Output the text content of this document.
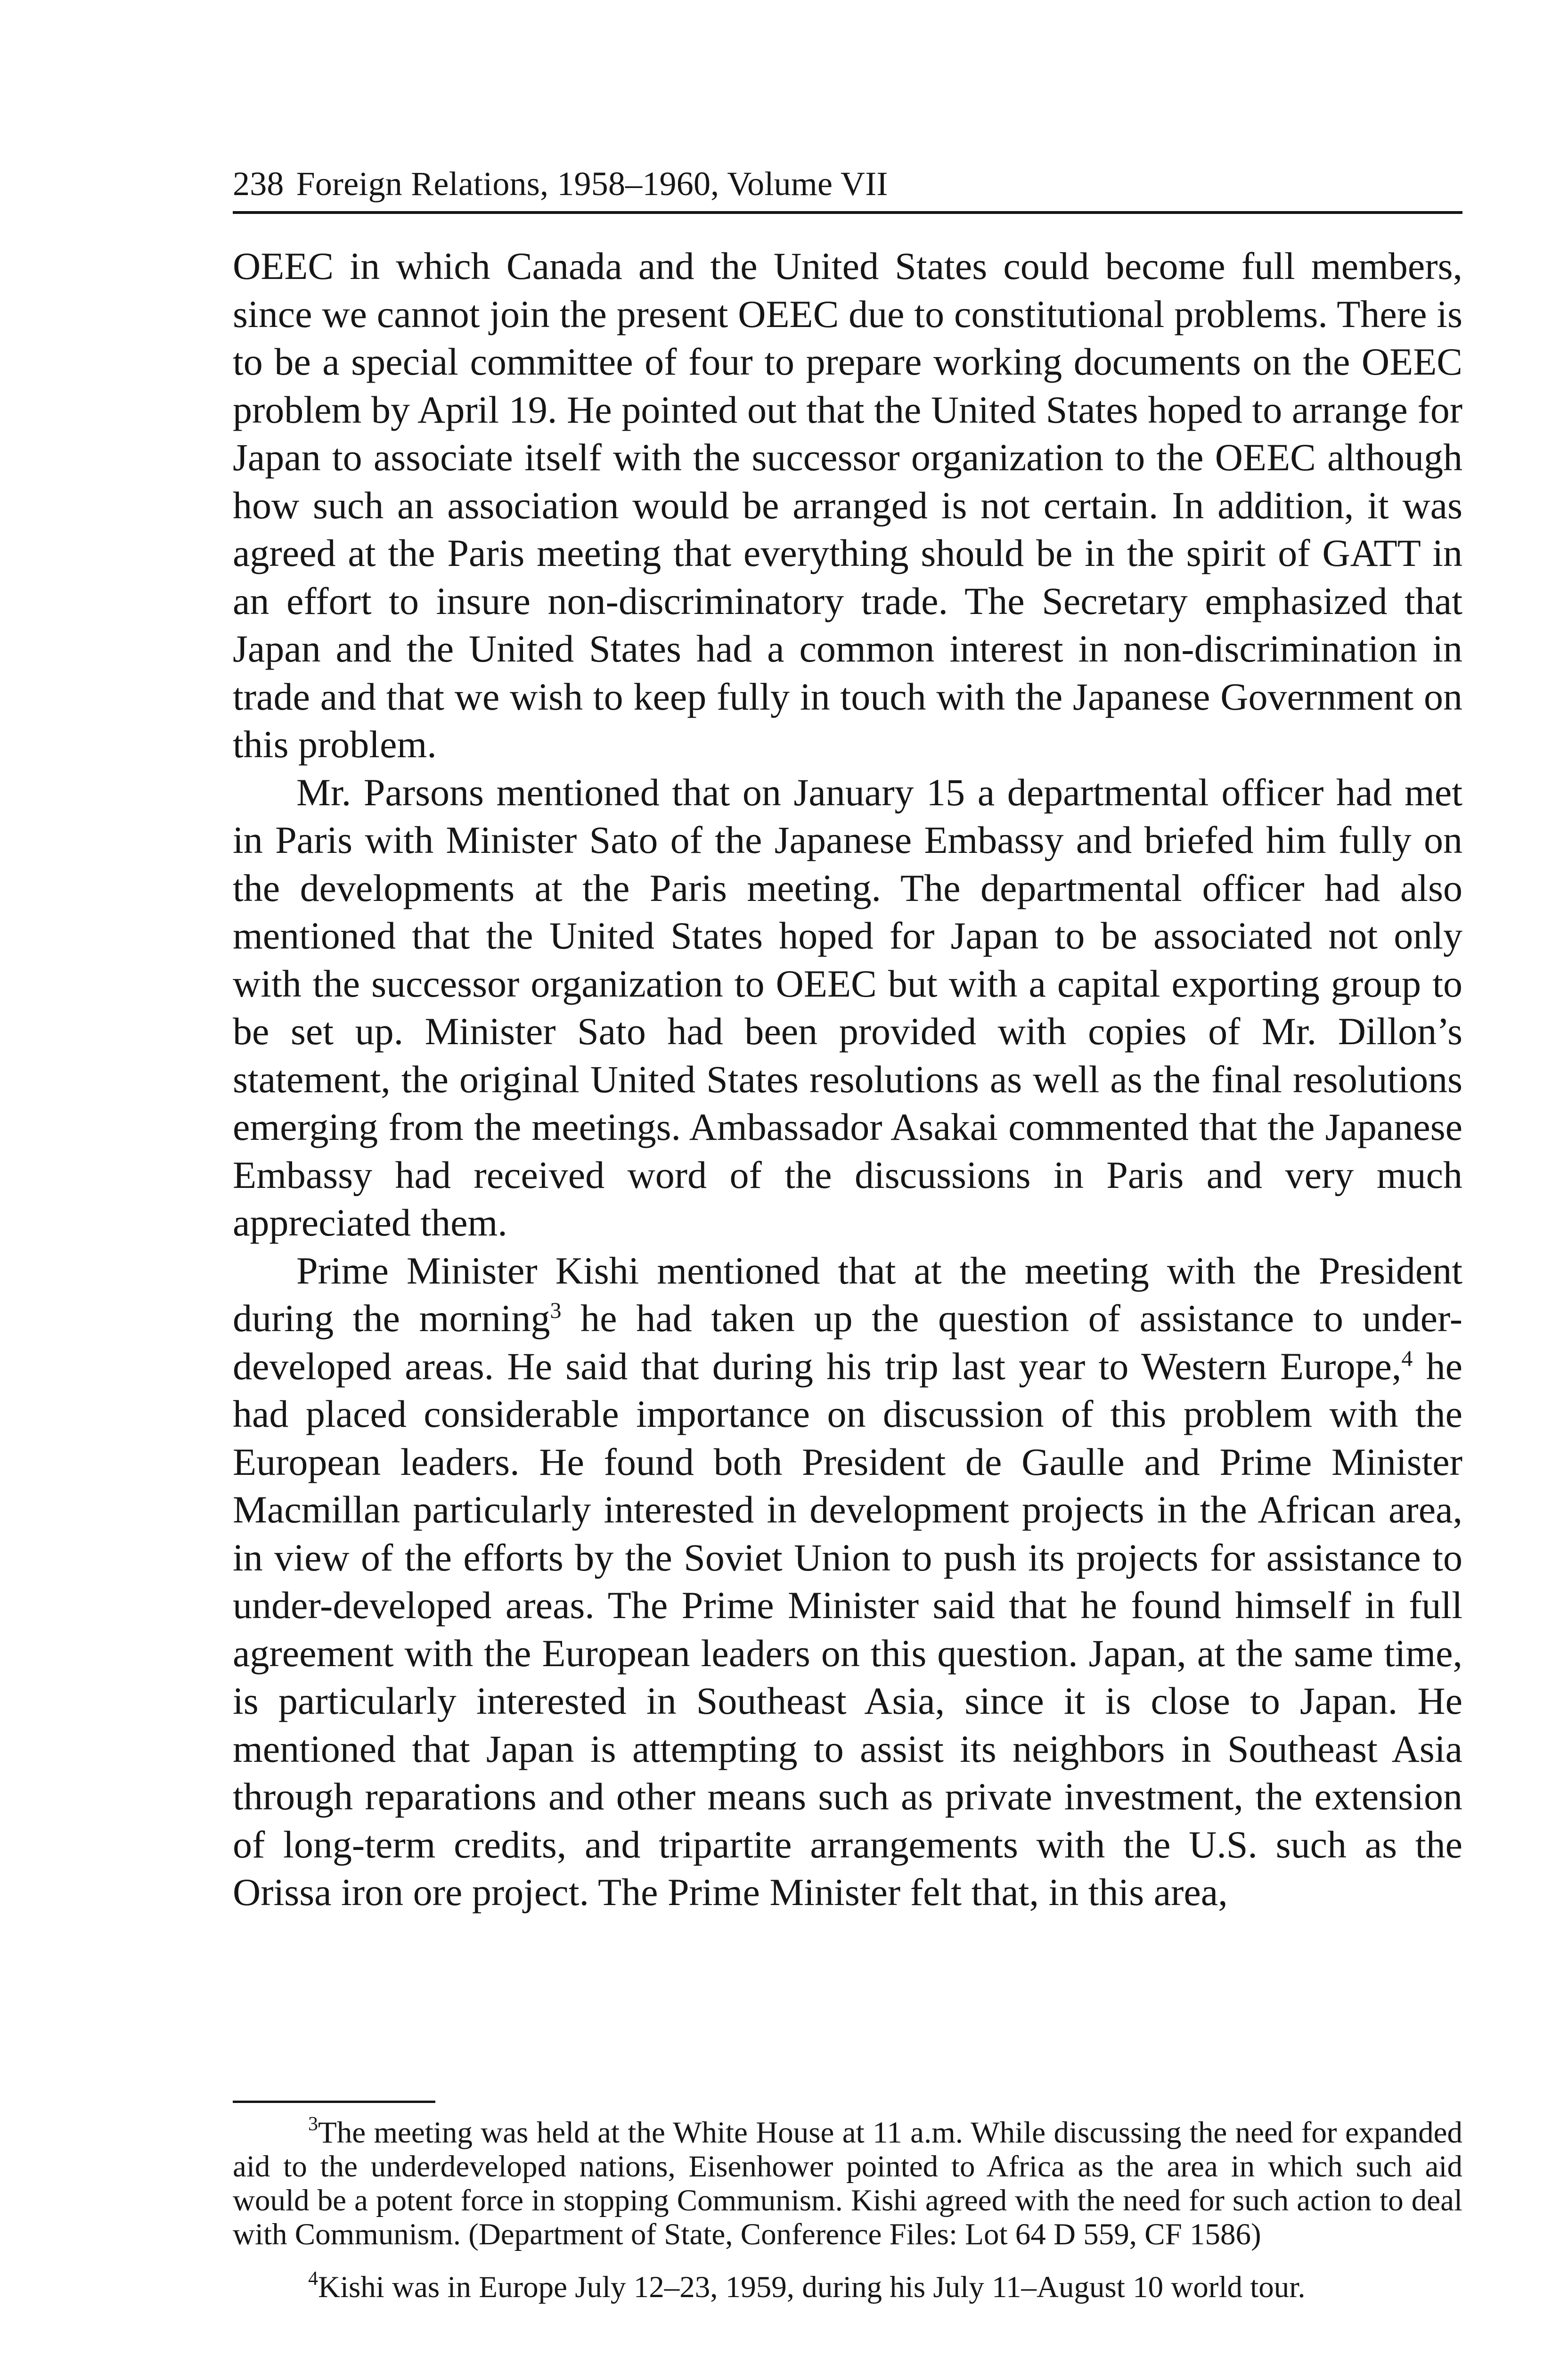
238 Foreign Relations, 1958–1960, Volume VII

OEEC in which Canada and the United States could become full members, since we cannot join the present OEEC due to constitutional problems. There is to be a special committee of four to prepare working documents on the OEEC problem by April 19. He pointed out that the United States hoped to arrange for Japan to associate itself with the successor organization to the OEEC although how such an association would be arranged is not certain. In addition, it was agreed at the Paris meeting that everything should be in the spirit of GATT in an effort to insure non-discriminatory trade. The Secretary emphasized that Japan and the United States had a common interest in non-discrimination in trade and that we wish to keep fully in touch with the Japanese Government on this problem.

Mr. Parsons mentioned that on January 15 a departmental officer had met in Paris with Minister Sato of the Japanese Embassy and briefed him fully on the developments at the Paris meeting. The departmental officer had also mentioned that the United States hoped for Japan to be associated not only with the successor organization to OEEC but with a capital exporting group to be set up. Minister Sato had been provided with copies of Mr. Dillon’s statement, the original United States resolutions as well as the final resolutions emerging from the meetings. Ambassador Asakai commented that the Japanese Embassy had received word of the discussions in Paris and very much appreciated them.

Prime Minister Kishi mentioned that at the meeting with the President during the morning$^3$ he had taken up the question of assistance to under-developed areas. He said that during his trip last year to Western Europe,$^4$ he had placed considerable importance on discussion of this problem with the European leaders. He found both President de Gaulle and Prime Minister Macmillan particularly interested in development projects in the African area, in view of the efforts by the Soviet Union to push its projects for assistance to under-developed areas. The Prime Minister said that he found himself in full agreement with the European leaders on this question. Japan, at the same time, is particularly interested in Southeast Asia, since it is close to Japan. He mentioned that Japan is attempting to assist its neighbors in Southeast Asia through reparations and other means such as private investment, the extension of long-term credits, and tripartite arrangements with the U.S. such as the Orissa iron ore project. The Prime Minister felt that, in this area,

$^3$The meeting was held at the White House at 11 a.m. While discussing the need for expanded aid to the underdeveloped nations, Eisenhower pointed to Africa as the area in which such aid would be a potent force in stopping Communism. Kishi agreed with the need for such action to deal with Communism. (Department of State, Conference Files: Lot 64 D 559, CF 1586)

$^4$Kishi was in Europe July 12–23, 1959, during his July 11–August 10 world tour.
